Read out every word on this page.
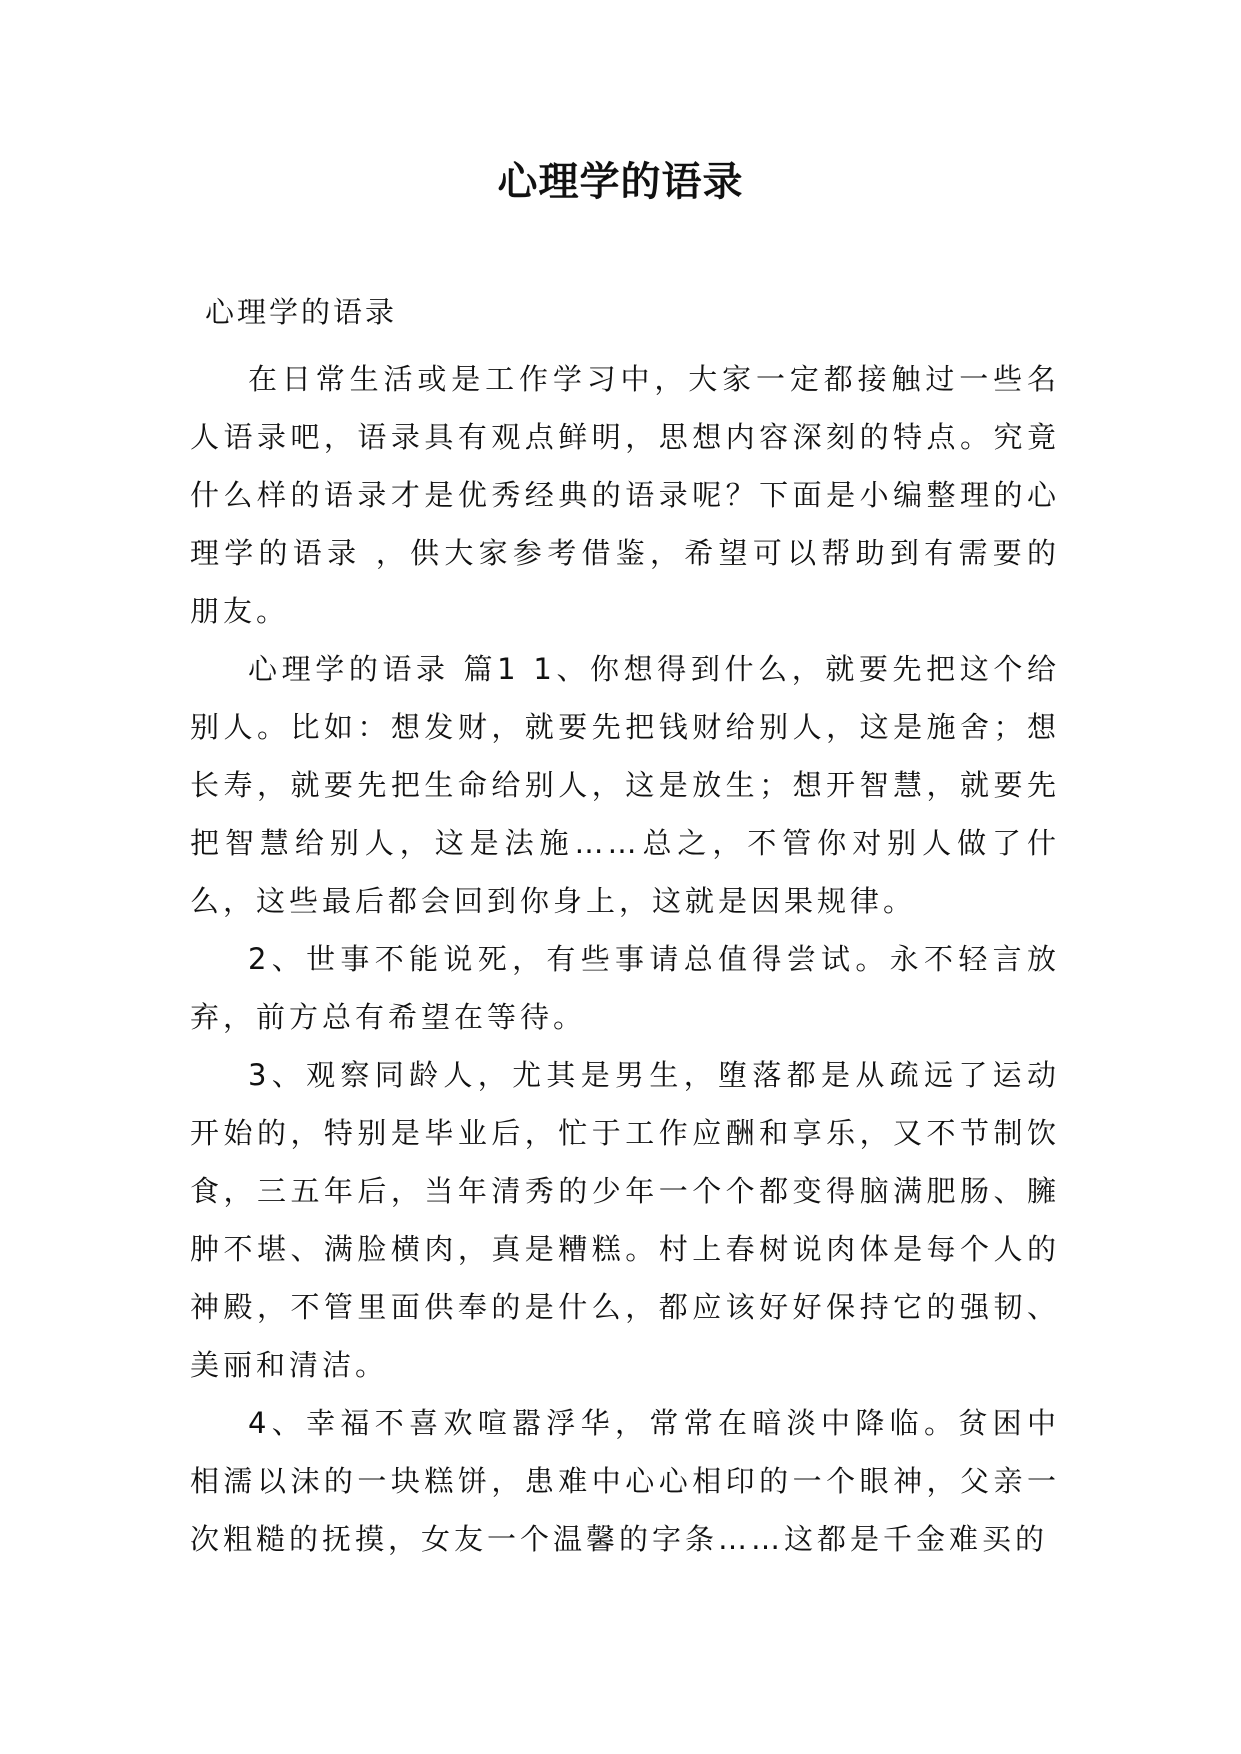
心理学的语录
心理学的语录

在日常生活或是工作学习中，大家一定都接触过一些名人语录吧，语录具有观点鲜明，思想内容深刻的特点。究竟什么样的语录才是优秀经典的语录呢？下面是小编整理的心理学的语录 ，供大家参考借鉴，希望可以帮助到有需要的朋友。

心理学的语录 篇1 1、你想得到什么，就要先把这个给别人。比如：想发财，就要先把钱财给别人，这是施舍；想长寿，就要先把生命给别人，这是放生；想开智慧，就要先把智慧给别人，这是法施……总之，不管你对别人做了什么，这些最后都会回到你身上，这就是因果规律。

2、世事不能说死，有些事请总值得尝试。永不轻言放弃，前方总有希望在等待。

3、观察同龄人，尤其是男生，堕落都是从疏远了运动开始的，特别是毕业后，忙于工作应酬和享乐，又不节制饮食，三五年后，当年清秀的少年一个个都变得脑满肥肠、臃肿不堪、满脸横肉，真是糟糕。村上春树说肉体是每个人的神殿，不管里面供奉的是什么，都应该好好保持它的强韧、美丽和清洁。

4、幸福不喜欢喧嚣浮华，常常在暗淡中降临。贫困中相濡以沫的一块糕饼，患难中心心相印的一个眼神，父亲一次粗糙的抚摸，女友一个温馨的字条……这都是千金难买的
